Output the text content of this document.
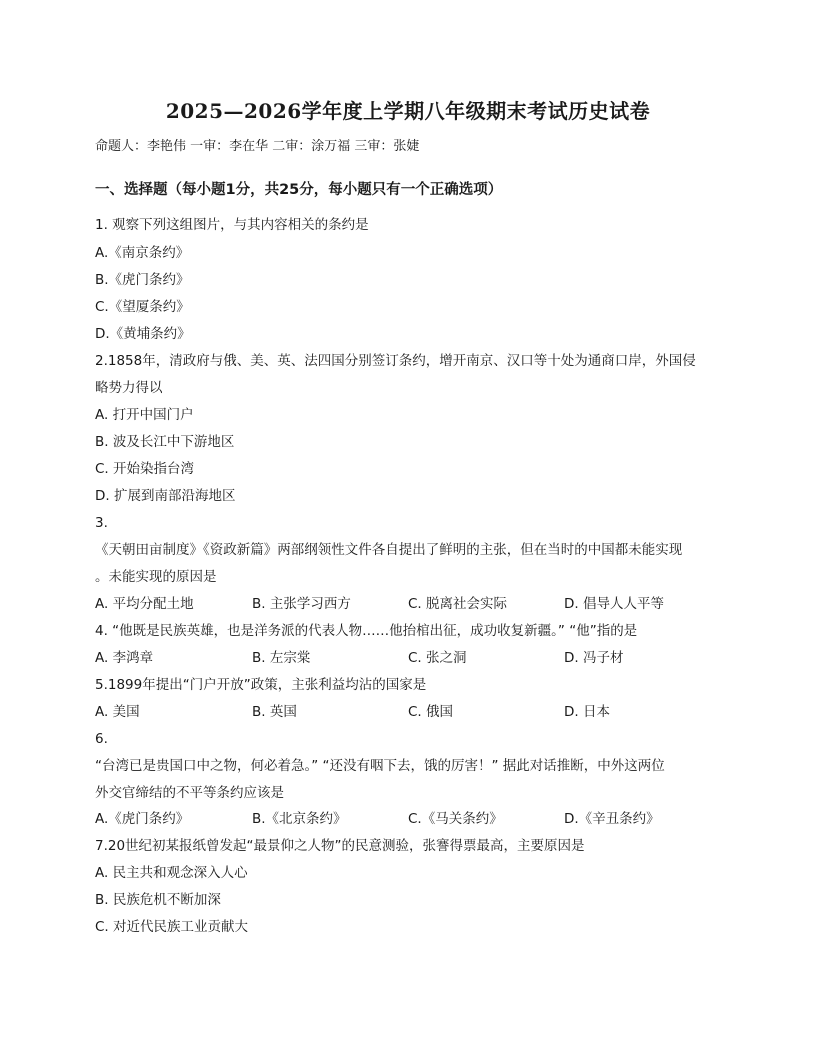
2025—2026学年度上学期八年级期末考试历史试卷
命题人：李艳伟 一审：李在华 二审：涂万福 三审：张婕
一、选择题（每小题1分，共25分，每小题只有一个正确选项）
1. 观察下列这组图片，与其内容相关的条约是
A.《南京条约》
B.《虎门条约》
C.《望厦条约》
D.《黄埔条约》
2.1858年，清政府与俄、美、英、法四国分别签订条约，增开南京、汉口等十处为通商口岸，外国侵
略势力得以
A. 打开中国门户
B. 波及长江中下游地区
C. 开始染指台湾
D. 扩展到南部沿海地区
3.
《天朝田亩制度》《资政新篇》两部纲领性文件各自提出了鲜明的主张，但在当时的中国都未能实现
。未能实现的原因是
A. 平均分配土地	B. 主张学习西方	C. 脱离社会实际	D. 倡导人人平等
4. “他既是民族英雄，也是洋务派的代表人物……他抬棺出征，成功收复新疆。” “他”指的是
A. 李鸿章	B. 左宗棠	C. 张之洞	D. 冯子材
5.1899年提出“门户开放”政策，主张利益均沾的国家是
A. 美国	B. 英国	C. 俄国	D. 日本
6.
“台湾已是贵国口中之物，何必着急。” “还没有咽下去，饿的厉害！” 据此对话推断，中外这两位
外交官缔结的不平等条约应该是
A.《虎门条约》	B.《北京条约》	C.《马关条约》	D.《辛丑条约》
7.20世纪初某报纸曾发起“最景仰之人物”的民意测验，张謇得票最高，主要原因是
A. 民主共和观念深入人心
B. 民族危机不断加深
C. 对近代民族工业贡献大
